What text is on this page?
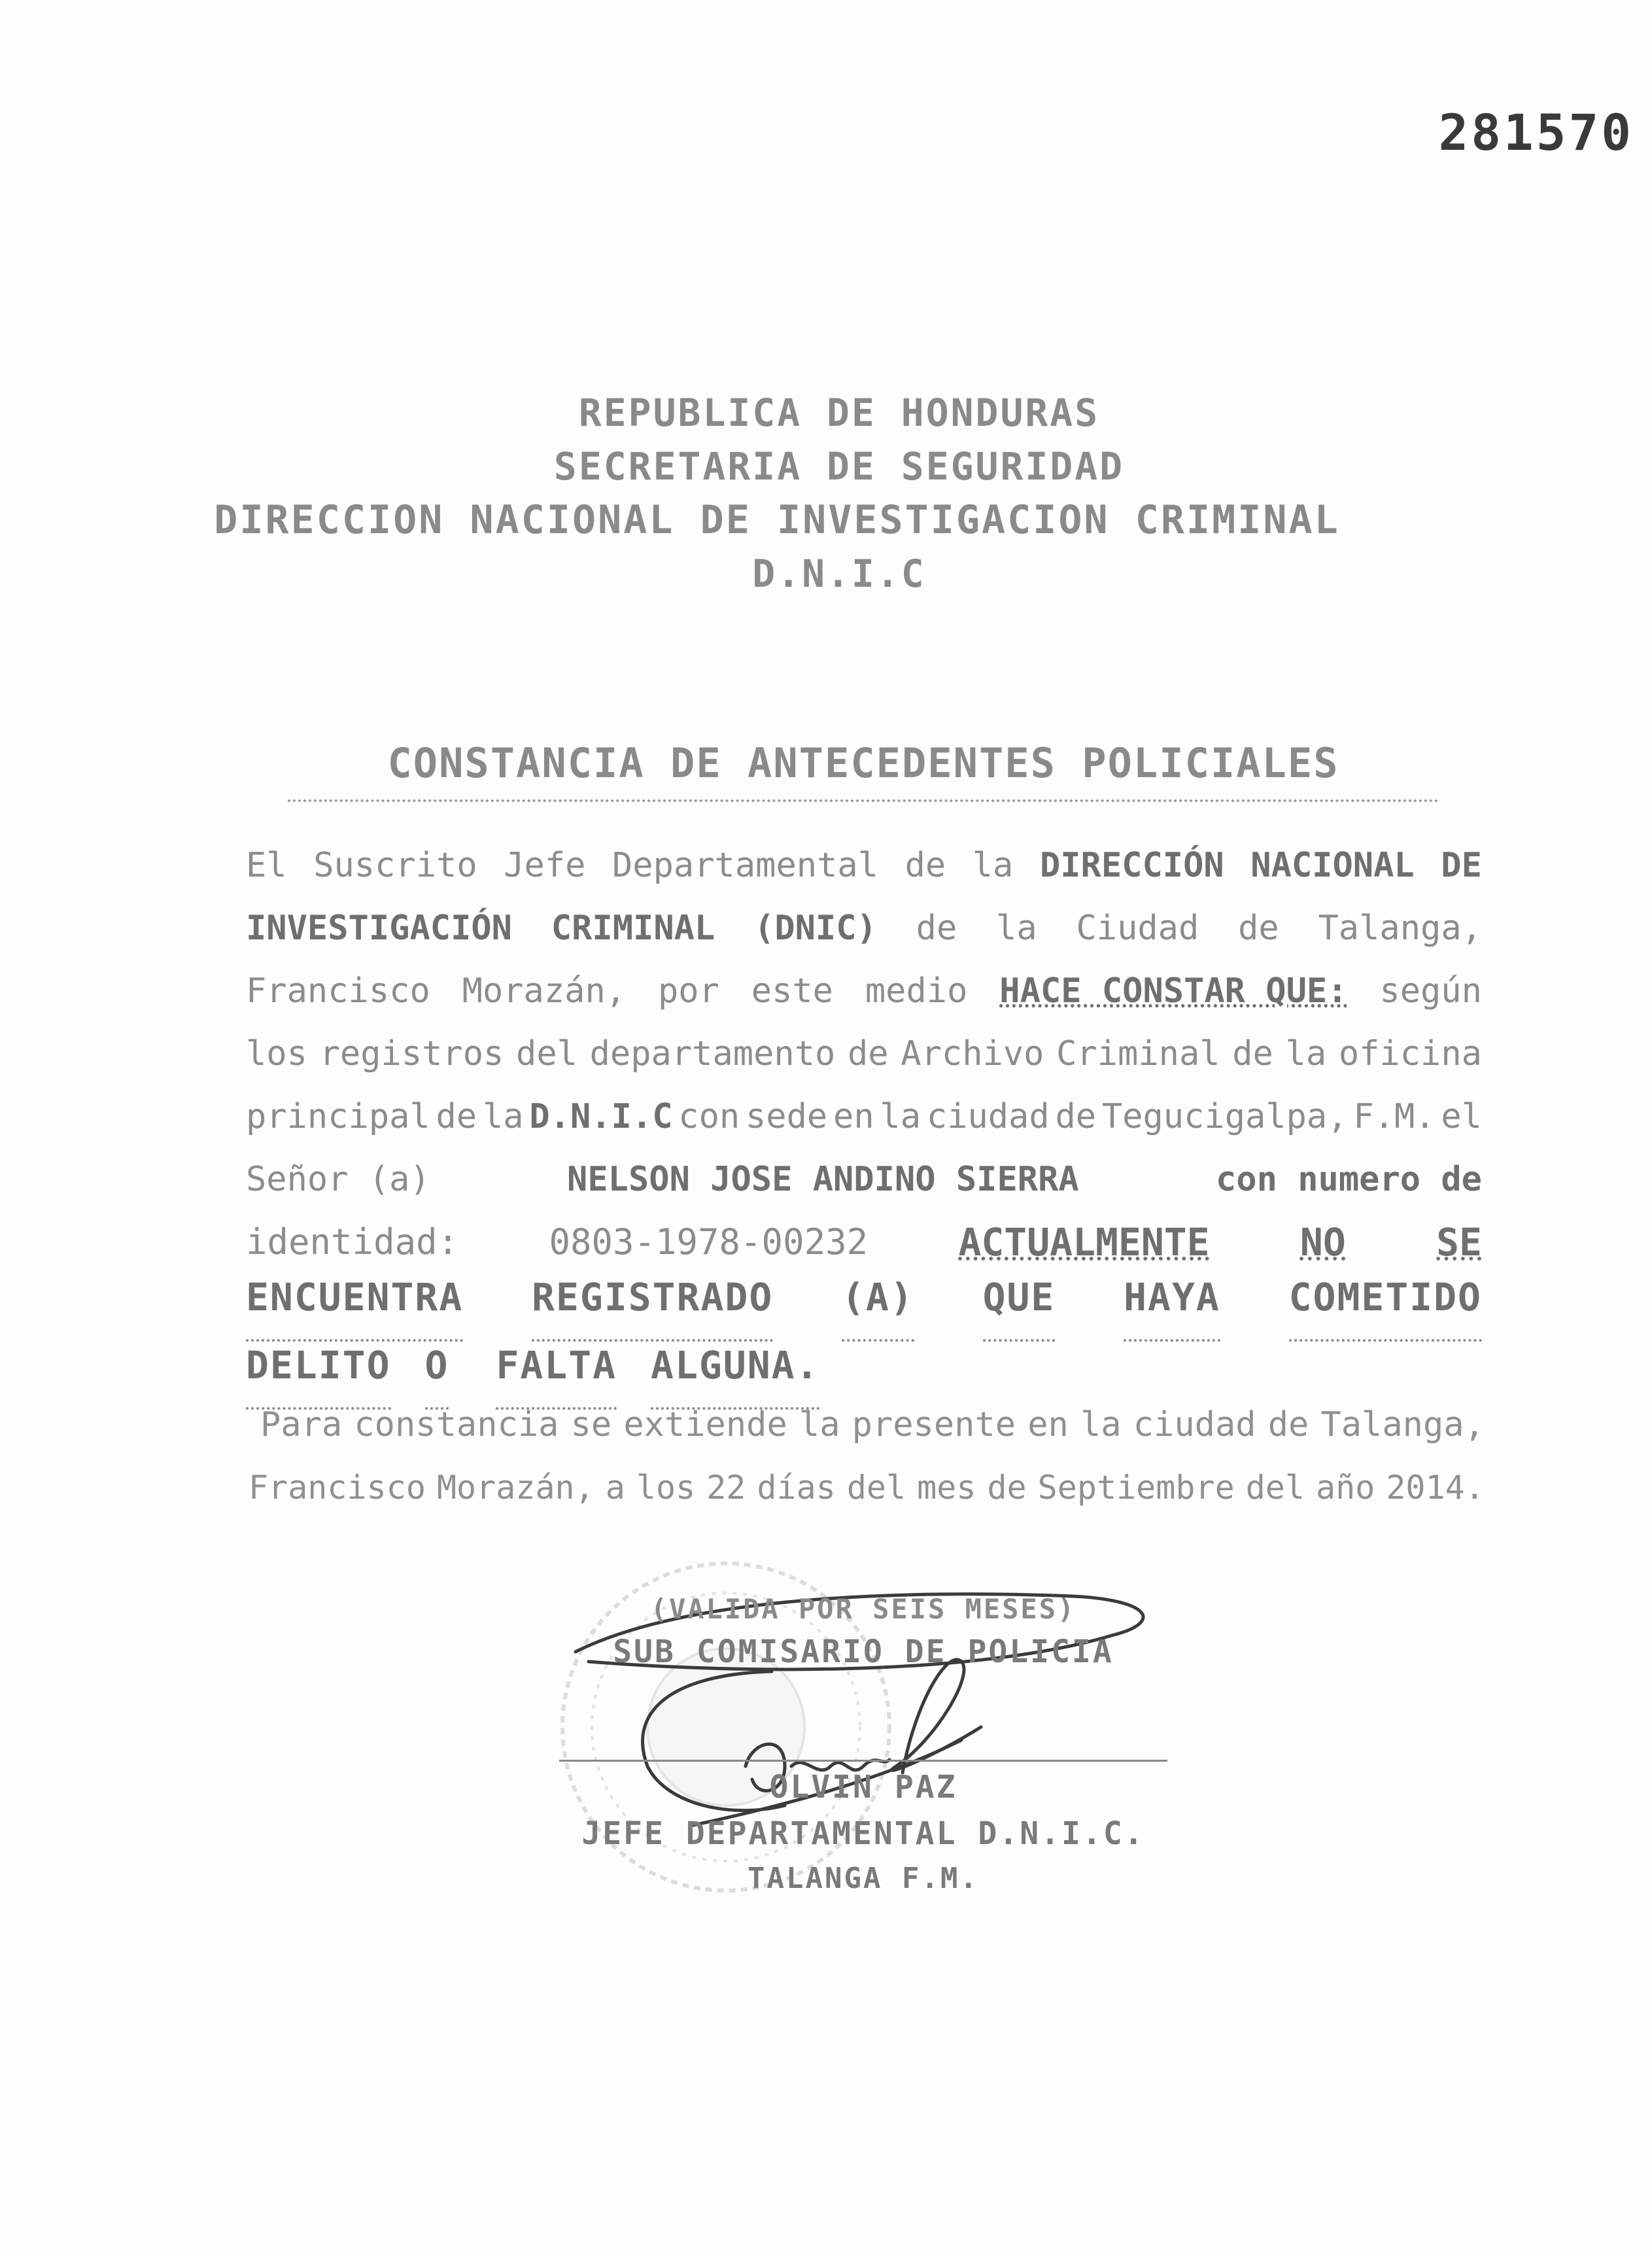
281570
REPUBLICA DE HONDURAS
SECRETARIA DE SEGURIDAD
DIRECCION NACIONAL DE INVESTIGACION CRIMINAL
D.N.I.C
CONSTANCIA DE ANTECEDENTES POLICIALES
El Suscrito Jefe Departamental de la DIRECCIÓN NACIONAL DE
INVESTIGACIÓN CRIMINAL (DNIC) de la Ciudad de Talanga,
Francisco Morazán, por este medio HACE CONSTAR QUE: según
los registros del departamento de Archivo Criminal de la oficina
principal de la D.N.I.C con sede en la ciudad de Tegucigalpa, F.M. el
Señor (a)	NELSON JOSE ANDINO SIERRA	con numero de
identidad:	0803-1978-00232 ACTUALMENTE NO SE
ENCUENTRA REGISTRADO (A) QUE HAYA COMETIDO
DELITO O FALTA ALGUNA.
Para constancia se extiende la presente en la ciudad de Talanga,
Francisco Morazán, a los 22 días del mes de Septiembre del año 2014.
(VALIDA POR SEIS MESES)
SUB COMISARIO DE POLICIA
OLVIN PAZ
JEFE DEPARTAMENTAL D.N.I.C.
TALANGA F.M.
